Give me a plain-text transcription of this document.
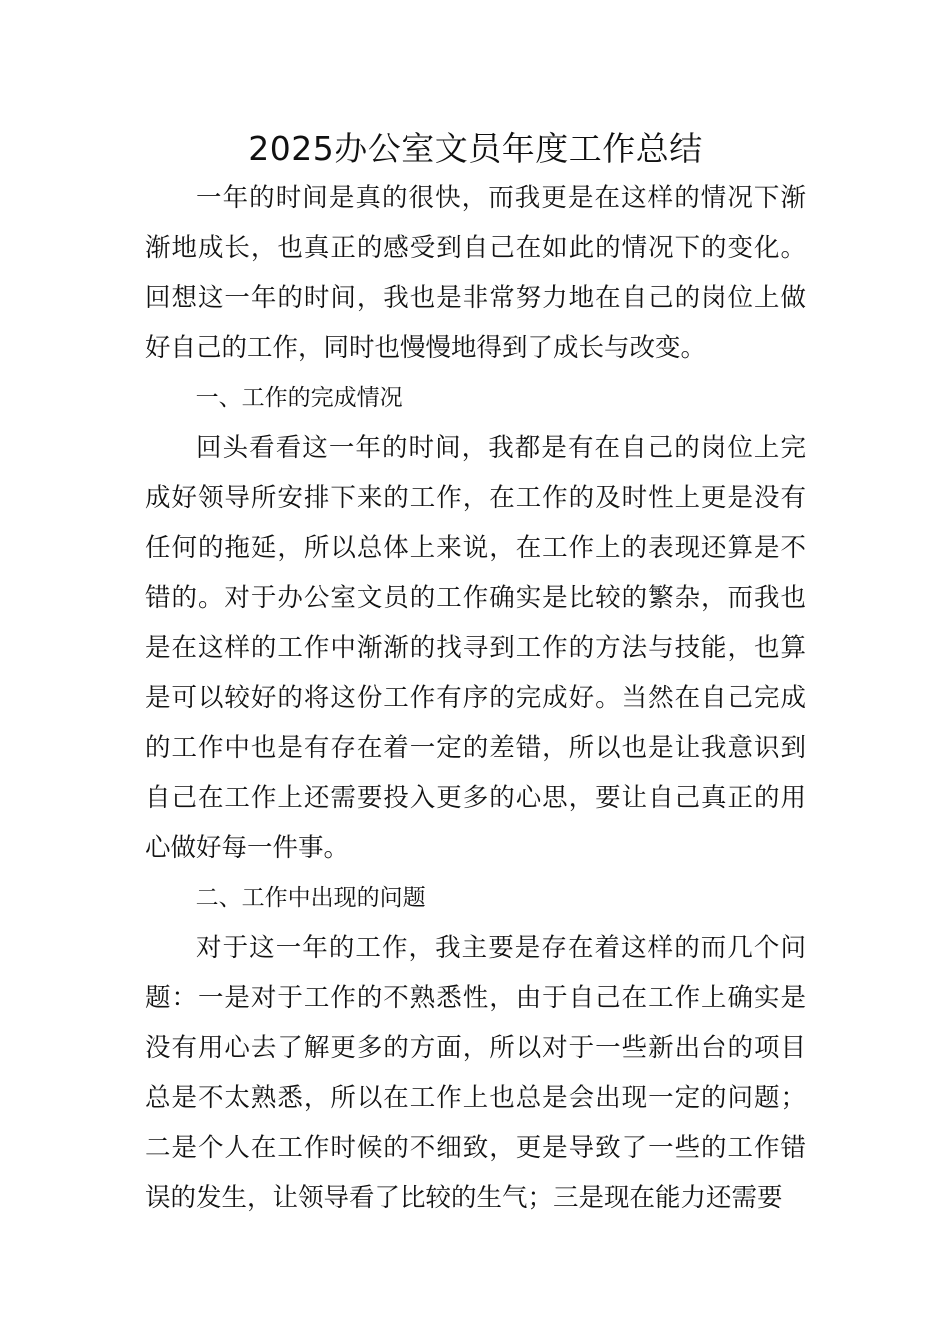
2025办公室文员年度工作总结

一年的时间是真的很快，而我更是在这样的情况下渐渐地成长，也真正的感受到自己在如此的情况下的变化。回想这一年的时间，我也是非常努力地在自己的岗位上做好自己的工作，同时也慢慢地得到了成长与改变。

一、工作的完成情况

回头看看这一年的时间，我都是有在自己的岗位上完成好领导所安排下来的工作，在工作的及时性上更是没有任何的拖延，所以总体上来说，在工作上的表现还算是不错的。对于办公室文员的工作确实是比较的繁杂，而我也是在这样的工作中渐渐的找寻到工作的方法与技能，也算是可以较好的将这份工作有序的完成好。当然在自己完成的工作中也是有存在着一定的差错，所以也是让我意识到自己在工作上还需要投入更多的心思，要让自己真正的用心做好每一件事。

二、工作中出现的问题

对于这一年的工作，我主要是存在着这样的而几个问题：一是对于工作的不熟悉性，由于自己在工作上确实是没有用心去了解更多的方面，所以对于一些新出台的项目总是不太熟悉，所以在工作上也总是会出现一定的问题；二是个人在工作时候的不细致，更是导致了一些的工作错误的发生，让领导看了比较的生气；三是现在能力还需要
